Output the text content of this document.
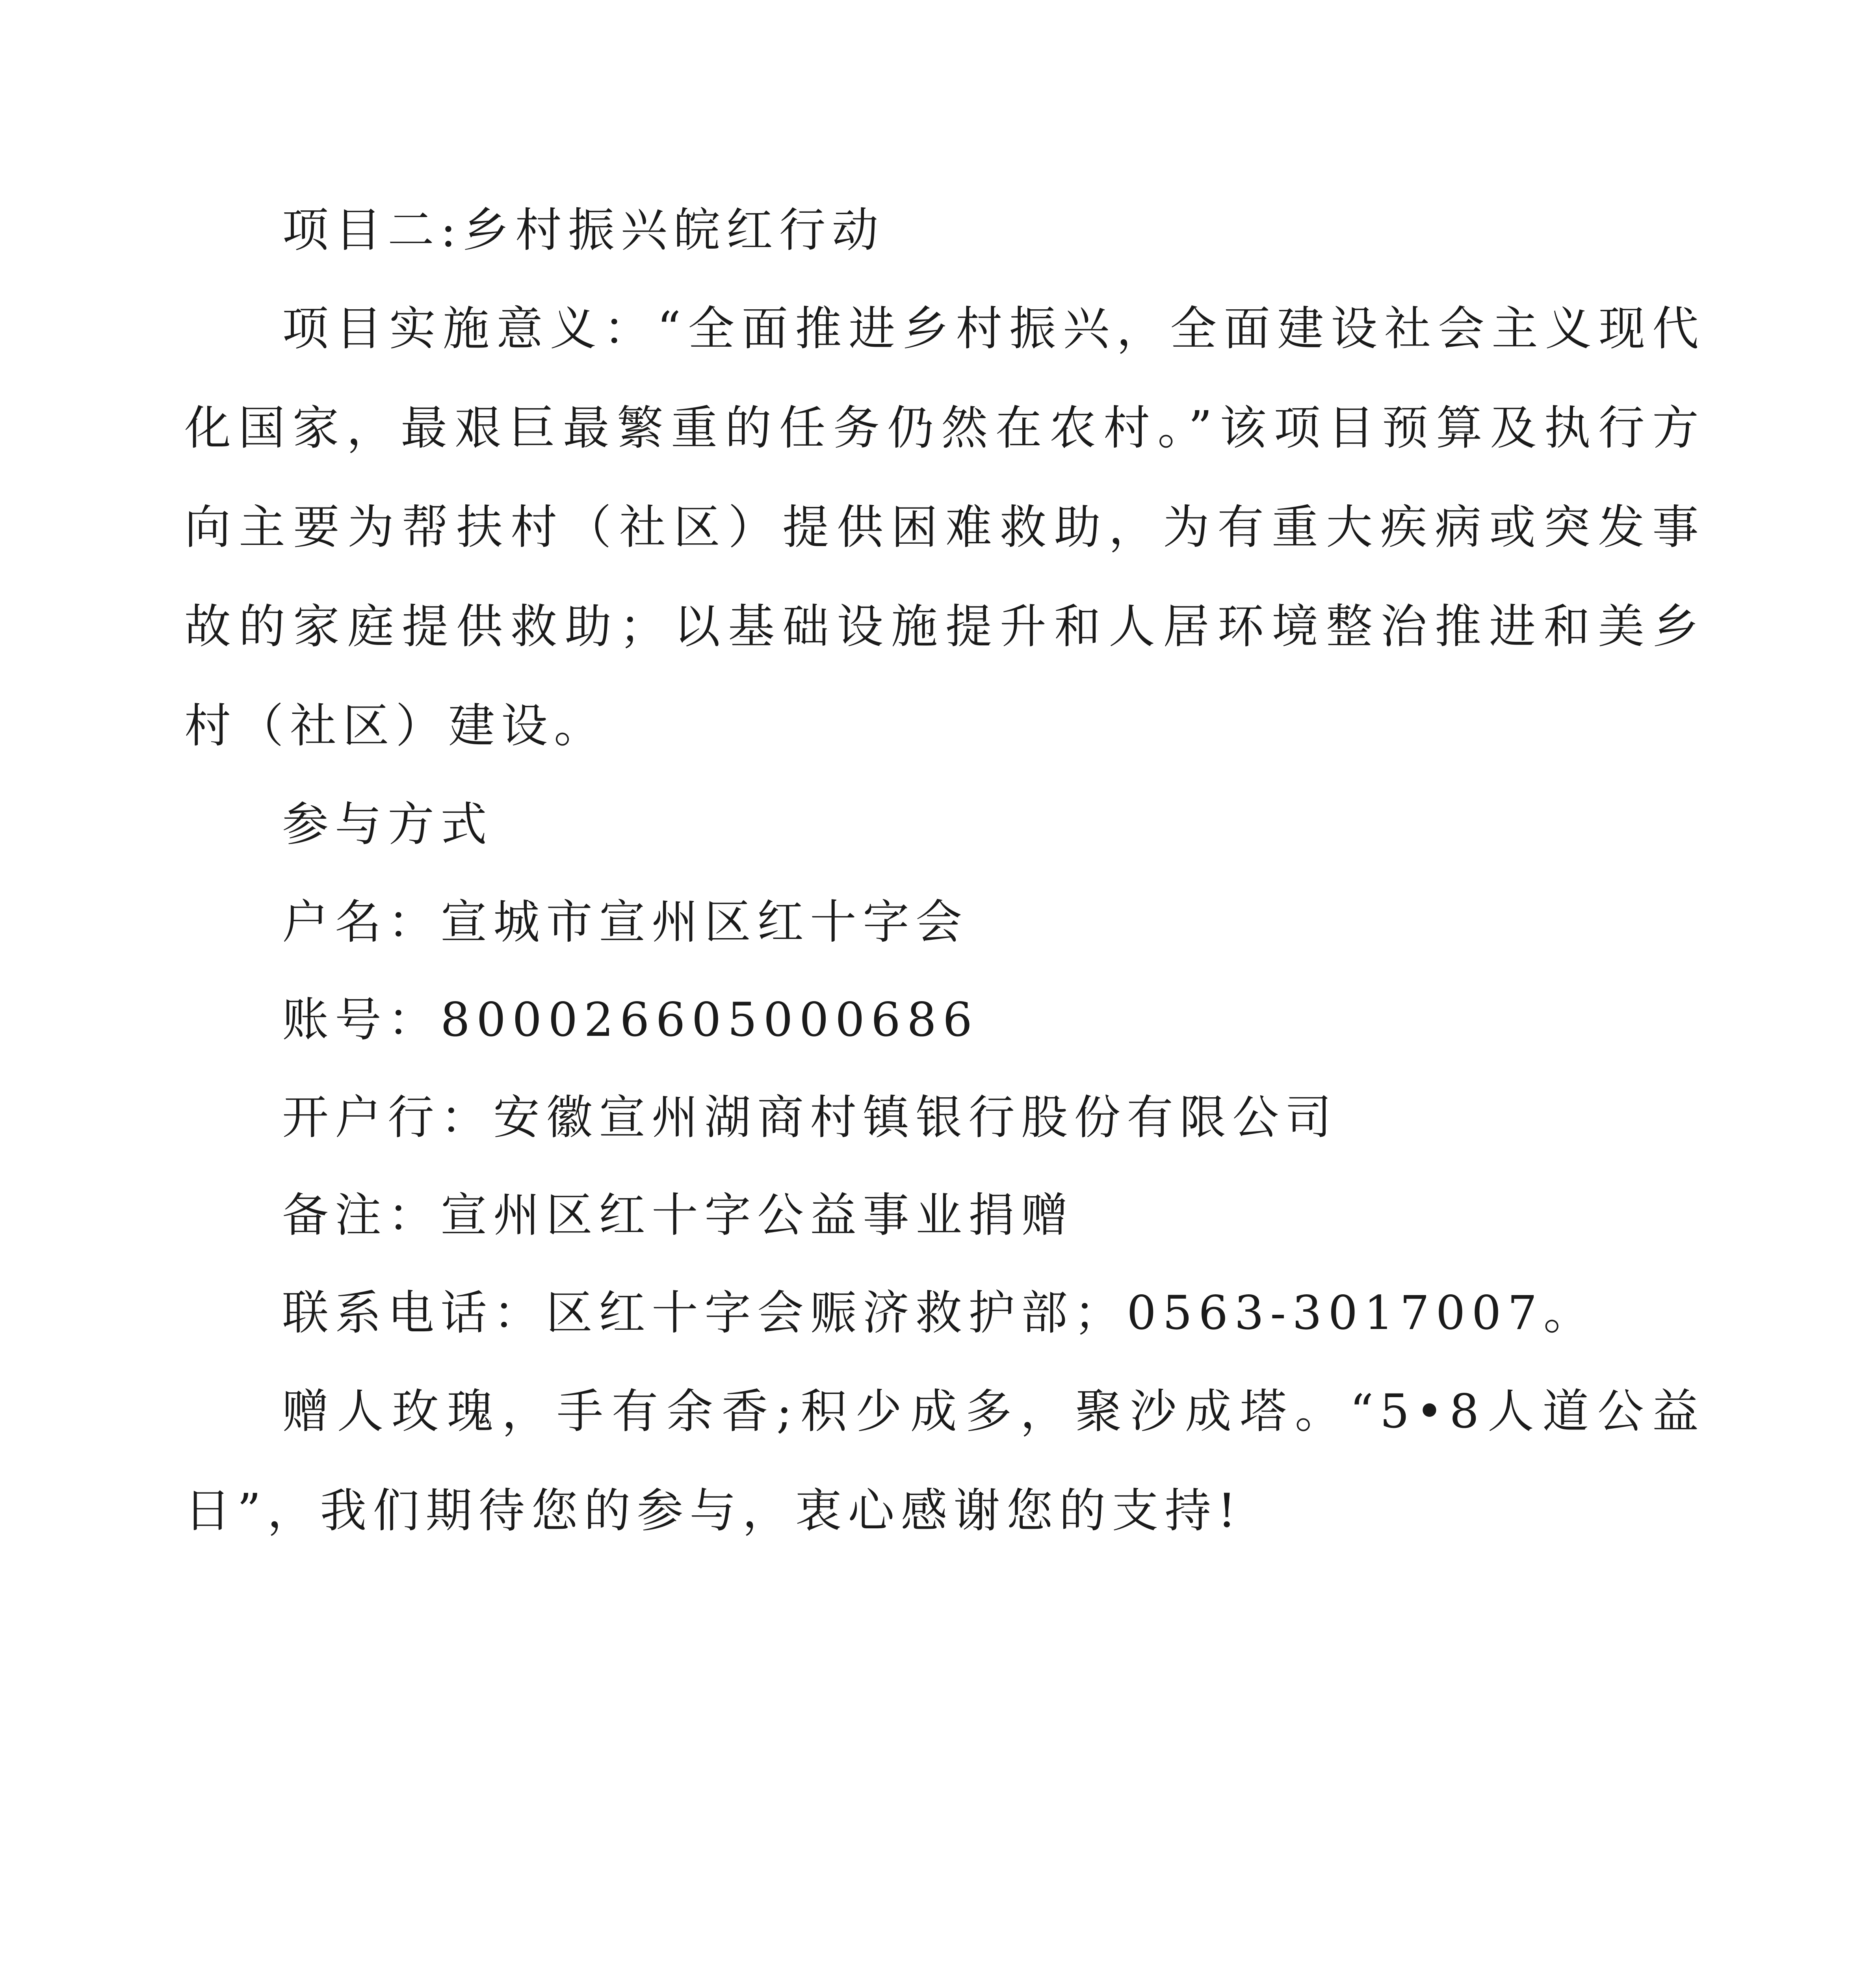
项目二:乡村振兴皖红行动

项目实施意义：“全面推进乡村振兴，全面建设社会主义现代化国家，最艰巨最繁重的任务仍然在农村。”该项目预算及执行方向主要为帮扶村（社区）提供困难救助，为有重大疾病或突发事故的家庭提供救助；以基础设施提升和人居环境整治推进和美乡村（社区）建设。

参与方式
户名：宣城市宣州区红十字会
账号：800026605000686
开户行：安徽宣州湖商村镇银行股份有限公司
备注：宣州区红十字公益事业捐赠
联系电话：区红十字会赈济救护部；0563-3017007。

赠人玫瑰，手有余香;积少成多，聚沙成塔。“5•8人道公益日”，我们期待您的参与，衷心感谢您的支持!
